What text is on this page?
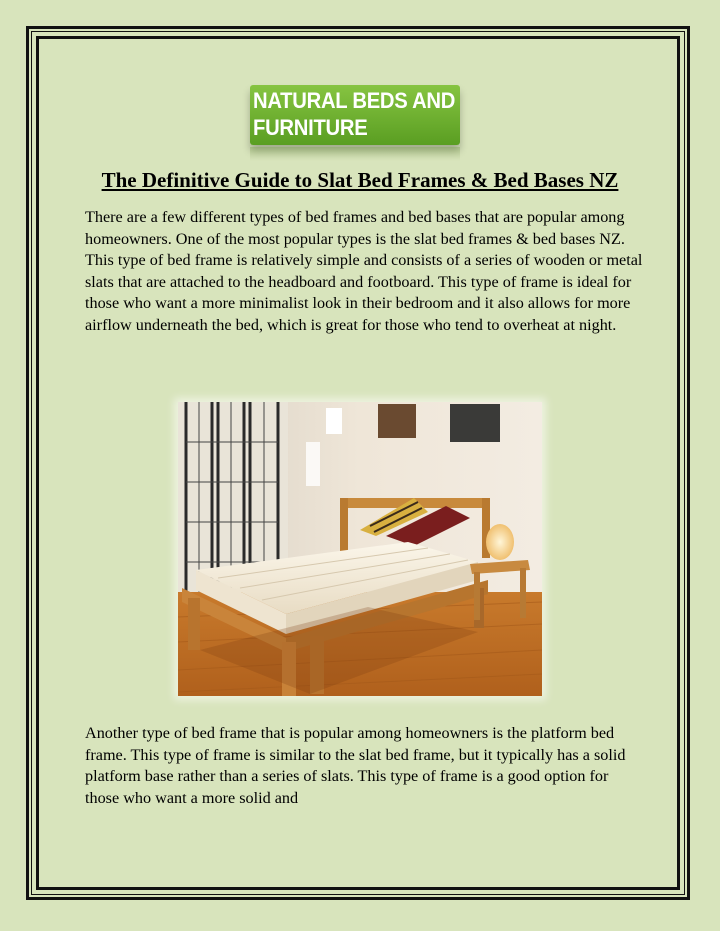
NATURAL BEDS AND
FURNITURE
The Definitive Guide to Slat Bed Frames & Bed Bases NZ

There are a few different types of bed frames and bed bases that are popular among homeowners. One of the most popular types is the slat bed frames & bed bases NZ. This type of bed frame is relatively simple and consists of a series of wooden or metal slats that are attached to the headboard and footboard. This type of frame is ideal for those who want a more minimalist look in their bedroom and it also allows for more airflow underneath the bed, which is great for those who tend to overheat at night.

Another type of bed frame that is popular among homeowners is the platform bed frame. This type of frame is similar to the slat bed frame, but it typically has a solid platform base rather than a series of slats. This type of frame is a good option for those who want a more solid and
